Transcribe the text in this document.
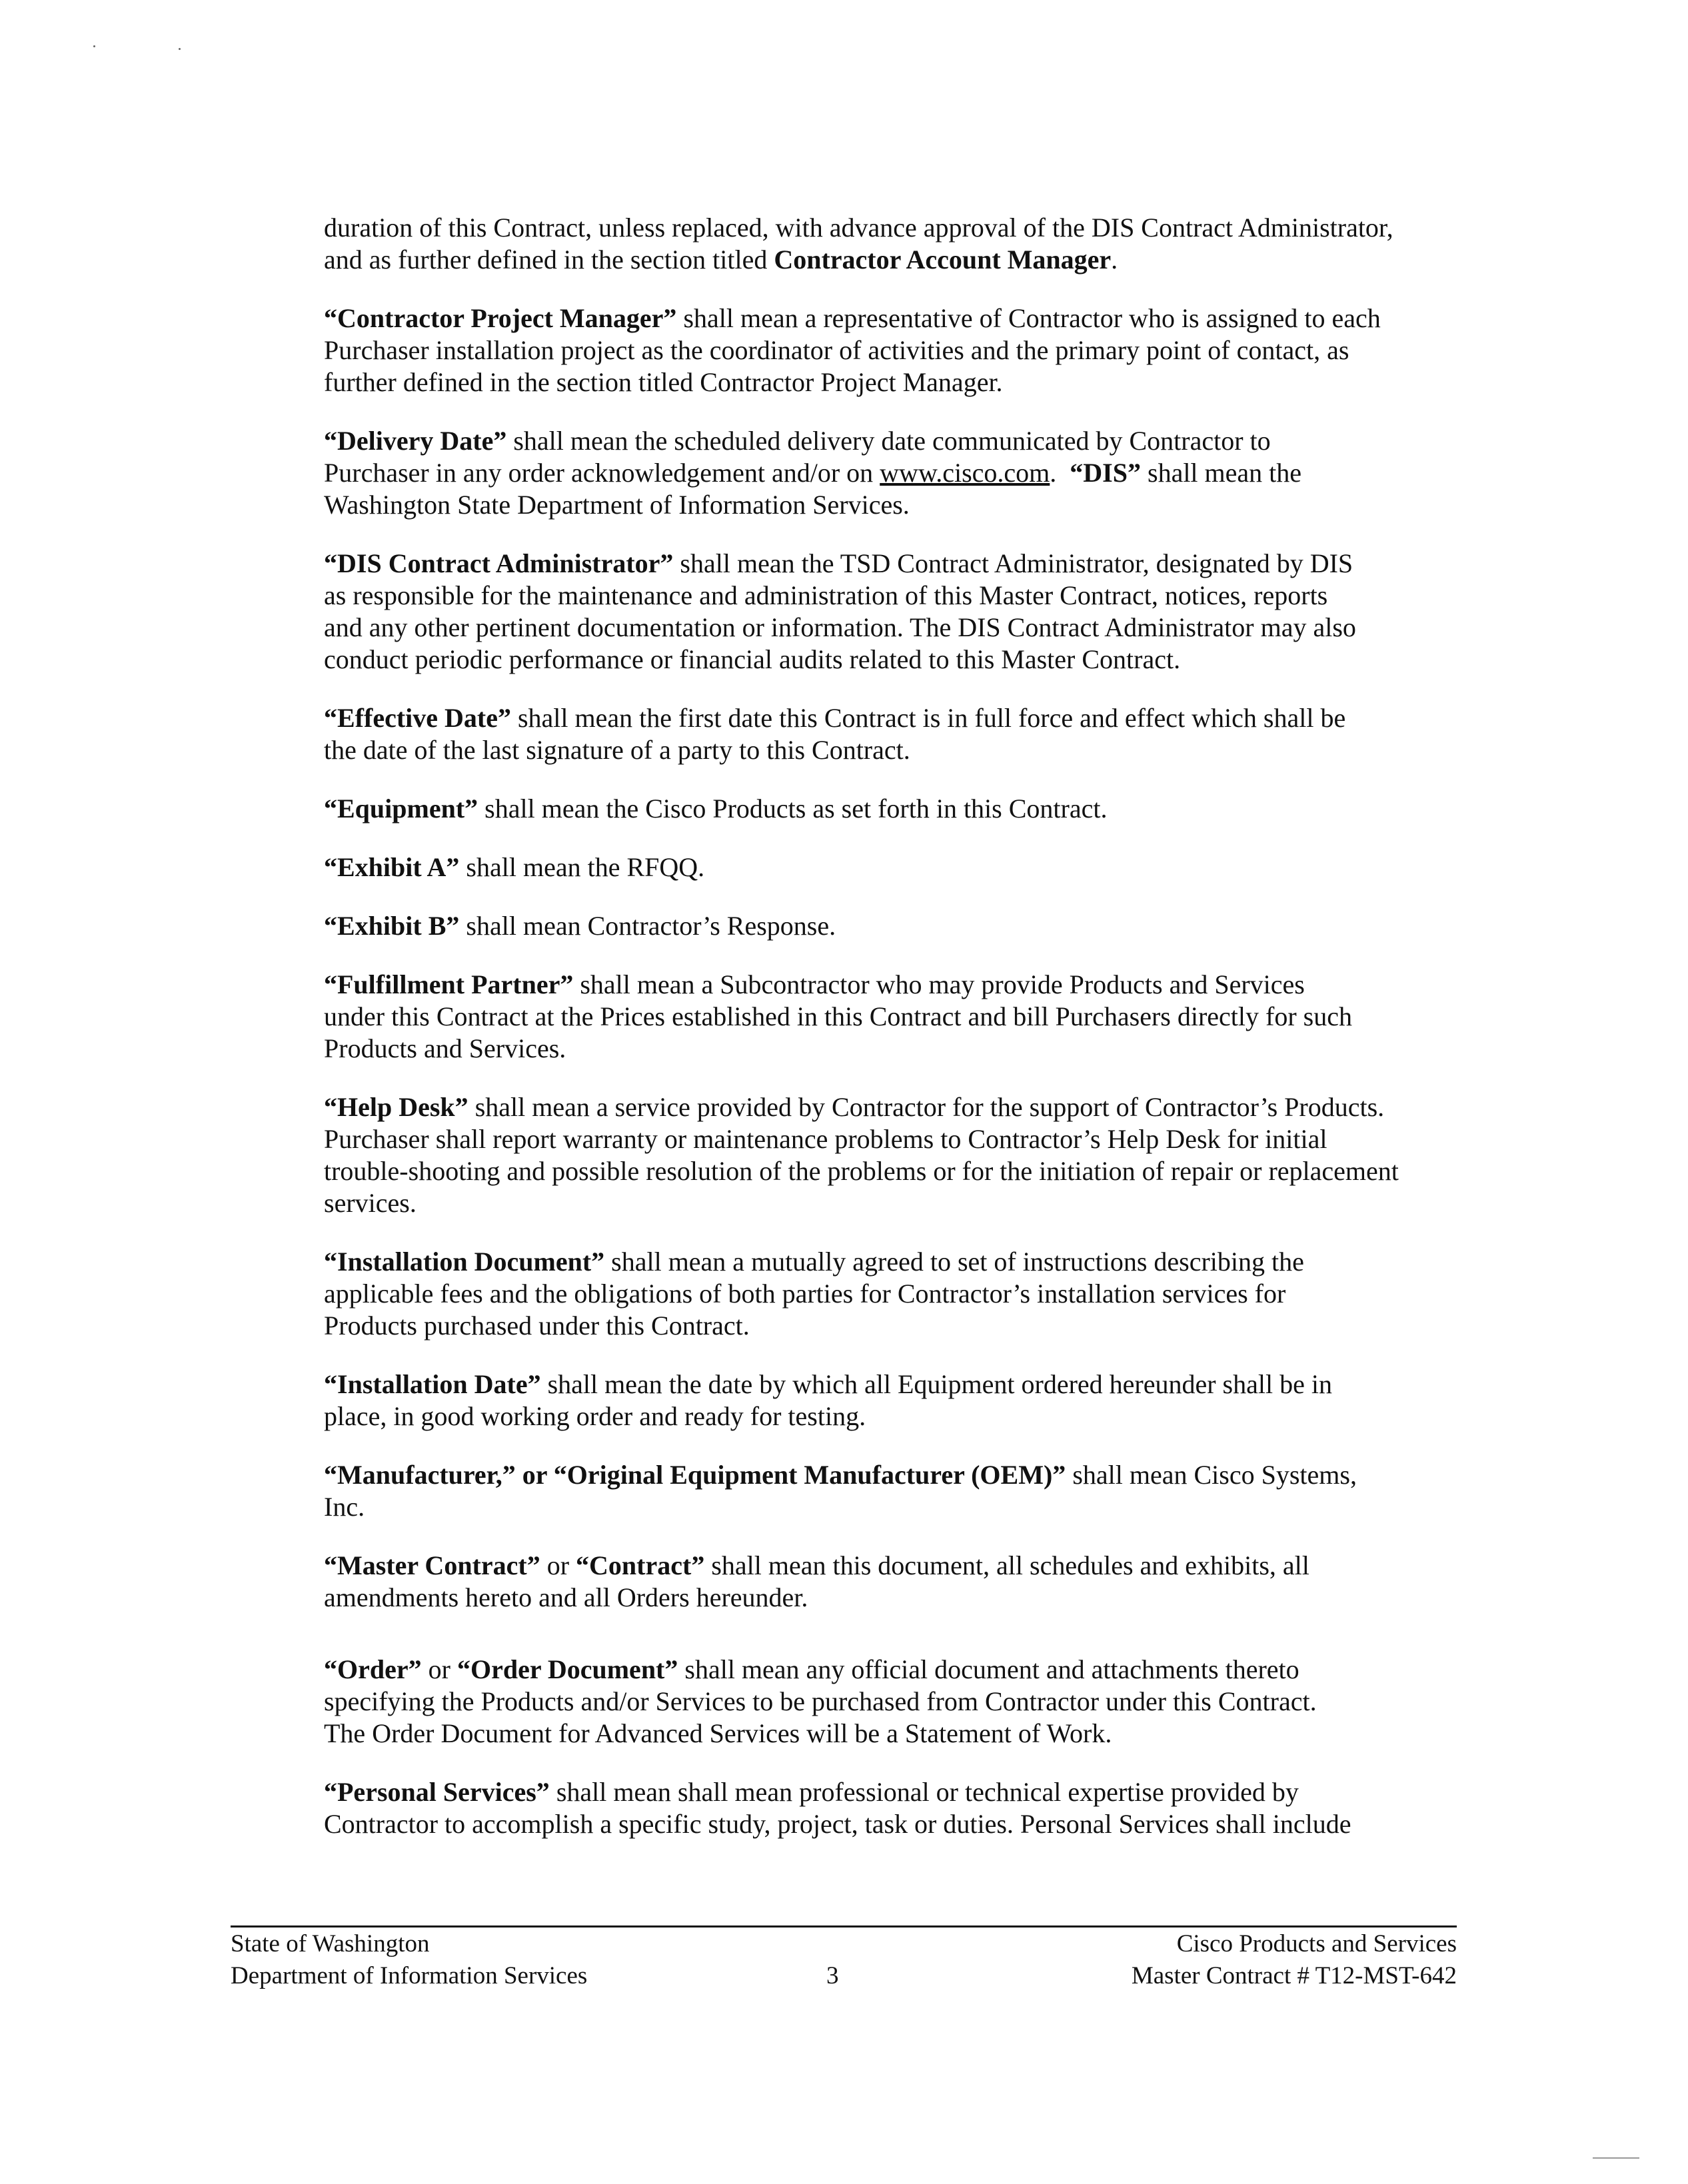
duration of this Contract, unless replaced, with advance approval of the DIS Contract Administrator,
and as further defined in the section titled Contractor Account Manager.
“Contractor Project Manager” shall mean a representative of Contractor who is assigned to each
Purchaser installation project as the coordinator of activities and the primary point of contact, as
further defined in the section titled Contractor Project Manager.
“Delivery Date” shall mean the scheduled delivery date communicated by Contractor to
Purchaser in any order acknowledgement and/or on www.cisco.com.  “DIS” shall mean the
Washington State Department of Information Services.
“DIS Contract Administrator” shall mean the TSD Contract Administrator, designated by DIS
as responsible for the maintenance and administration of this Master Contract, notices, reports
and any other pertinent documentation or information. The DIS Contract Administrator may also
conduct periodic performance or financial audits related to this Master Contract.
“Effective Date” shall mean the first date this Contract is in full force and effect which shall be
the date of the last signature of a party to this Contract.
“Equipment” shall mean the Cisco Products as set forth in this Contract.
“Exhibit A” shall mean the RFQQ.
“Exhibit B” shall mean Contractor’s Response.
“Fulfillment Partner” shall mean a Subcontractor who may provide Products and Services
under this Contract at the Prices established in this Contract and bill Purchasers directly for such
Products and Services.
“Help Desk” shall mean a service provided by Contractor for the support of Contractor’s Products.
Purchaser shall report warranty or maintenance problems to Contractor’s Help Desk for initial
trouble-shooting and possible resolution of the problems or for the initiation of repair or replacement
services.
“Installation Document” shall mean a mutually agreed to set of instructions describing the
applicable fees and the obligations of both parties for Contractor’s installation services for
Products purchased under this Contract.
“Installation Date” shall mean the date by which all Equipment ordered hereunder shall be in
place, in good working order and ready for testing.
“Manufacturer,” or “Original Equipment Manufacturer (OEM)” shall mean Cisco Systems,
Inc.
“Master Contract” or “Contract” shall mean this document, all schedules and exhibits, all
amendments hereto and all Orders hereunder.
“Order” or “Order Document” shall mean any official document and attachments thereto
specifying the Products and/or Services to be purchased from Contractor under this Contract.
The Order Document for Advanced Services will be a Statement of Work.
“Personal Services” shall mean shall mean professional or technical expertise provided by
Contractor to accomplish a specific study, project, task or duties. Personal Services shall include
State of Washington
Department of Information Services	3
Cisco Products and Services
Master Contract # T12-MST-642
